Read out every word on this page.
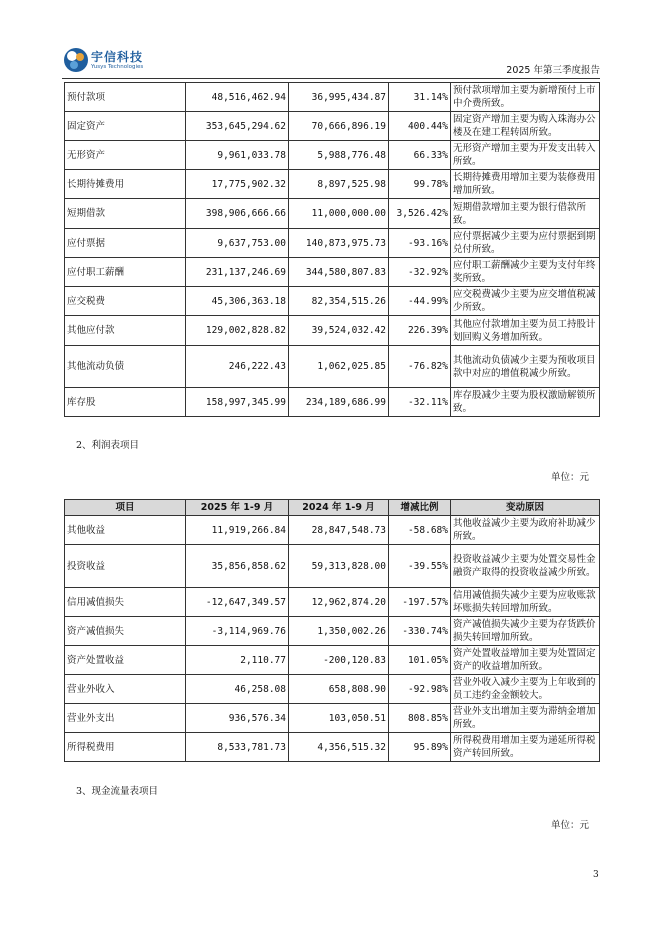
宇信科技
Yusys Technologies	2025 年第三季度报告
预付款项	48,516,462.94	36,995,434.87	31.14%	预付款项增加主要为新增预付上市中介费所致。
固定资产	353,645,294.62	70,666,896.19	400.44%	固定资产增加主要为购入珠海办公楼及在建工程转固所致。
无形资产	9,961,033.78	5,988,776.48	66.33%	无形资产增加主要为开发支出转入所致。
长期待摊费用	17,775,902.32	8,897,525.98	99.78%	长期待摊费用增加主要为装修费用增加所致。
短期借款	398,906,666.66	11,000,000.00	3,526.42%	短期借款增加主要为银行借款所致。
应付票据	9,637,753.00	140,873,975.73	-93.16%	应付票据减少主要为应付票据到期兑付所致。
应付职工薪酬	231,137,246.69	344,580,807.83	-32.92%	应付职工薪酬减少主要为支付年终奖所致。
应交税费	45,306,363.18	82,354,515.26	-44.99%	应交税费减少主要为应交增值税减少所致。
其他应付款	129,002,828.82	39,524,032.42	226.39%	其他应付款增加主要为员工持股计划回购义务增加所致。
其他流动负债	246,222.43	1,062,025.85	-76.82%	其他流动负债减少主要为预收项目款中对应的增值税减少所致。
库存股	158,997,345.99	234,189,686.99	-32.11%	库存股减少主要为股权激励解锁所致。
2、利润表项目
单位：元
项目	2025 年 1-9 月	2024 年 1-9 月	增减比例	变动原因
其他收益	11,919,266.84	28,847,548.73	-58.68%	其他收益减少主要为政府补助减少所致。
投资收益	35,856,858.62	59,313,828.00	-39.55%	投资收益减少主要为处置交易性金融资产取得的投资收益减少所致。
信用减值损失	-12,647,349.57	12,962,874.20	-197.57%	信用减值损失减少主要为应收账款坏账损失转回增加所致。
资产减值损失	-3,114,969.76	1,350,002.26	-330.74%	资产减值损失减少主要为存货跌价损失转回增加所致。
资产处置收益	2,110.77	-200,120.83	101.05%	资产处置收益增加主要为处置固定资产的收益增加所致。
营业外收入	46,258.08	658,808.90	-92.98%	营业外收入减少主要为上年收到的员工违约金金额较大。
营业外支出	936,576.34	103,050.51	808.85%	营业外支出增加主要为滞纳金增加所致。
所得税费用	8,533,781.73	4,356,515.32	95.89%	所得税费用增加主要为递延所得税资产转回所致。
3、现金流量表项目
单位：元
3
